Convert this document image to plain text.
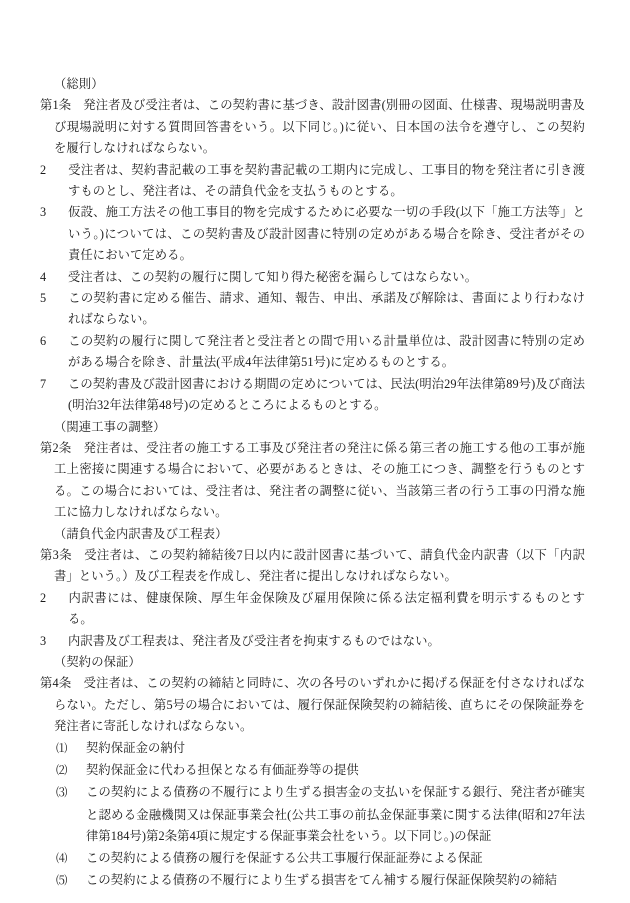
（総則）

第1条 発注者及び受注者は、この契約書に基づき、設計図書(別冊の図面、仕様書、現場説明書及び現場説明に対する質問回答書をいう。以下同じ。)に従い、日本国の法令を遵守し、この契約を履行しなければならない。

2 受注者は、契約書記載の工事を契約書記載の工期内に完成し、工事目的物を発注者に引き渡すものとし、発注者は、その請負代金を支払うものとする。

3 仮設、施工方法その他工事目的物を完成するために必要な一切の手段(以下「施工方法等」という。)については、この契約書及び設計図書に特別の定めがある場合を除き、受注者がその責任において定める。

4 受注者は、この契約の履行に関して知り得た秘密を漏らしてはならない。

5 この契約書に定める催告、請求、通知、報告、申出、承諾及び解除は、書面により行わなければならない。

6 この契約の履行に関して発注者と受注者との間で用いる計量単位は、設計図書に特別の定めがある場合を除き、計量法(平成4年法律第51号)に定めるものとする。

7 この契約書及び設計図書における期間の定めについては、民法(明治29年法律第89号)及び商法(明治32年法律第48号)の定めるところによるものとする。

（関連工事の調整）

第2条 発注者は、受注者の施工する工事及び発注者の発注に係る第三者の施工する他の工事が施工上密接に関連する場合において、必要があるときは、その施工につき、調整を行うものとする。この場合においては、受注者は、発注者の調整に従い、当該第三者の行う工事の円滑な施工に協力しなければならない。

（請負代金内訳書及び工程表）

第3条 受注者は、この契約締結後7日以内に設計図書に基づいて、請負代金内訳書（以下「内訳書」という。）及び工程表を作成し、発注者に提出しなければならない。

2 内訳書には、健康保険、厚生年金保険及び雇用保険に係る法定福利費を明示するものとする。

3 内訳書及び工程表は、発注者及び受注者を拘束するものではない。

（契約の保証）

第4条 受注者は、この契約の締結と同時に、次の各号のいずれかに掲げる保証を付さなければならない。ただし、第5号の場合においては、履行保証保険契約の締結後、直ちにその保険証券を発注者に寄託しなければならない。

⑴ 契約保証金の納付

⑵ 契約保証金に代わる担保となる有価証券等の提供

⑶ この契約による債務の不履行により生ずる損害金の支払いを保証する銀行、発注者が確実と認める金融機関又は保証事業会社(公共工事の前払金保証事業に関する法律(昭和27年法律第184号)第2条第4項に規定する保証事業会社をいう。以下同じ。)の保証

⑷ この契約による債務の履行を保証する公共工事履行保証証券による保証

⑸ この契約による債務の不履行により生ずる損害をてん補する履行保証保険契約の締結
